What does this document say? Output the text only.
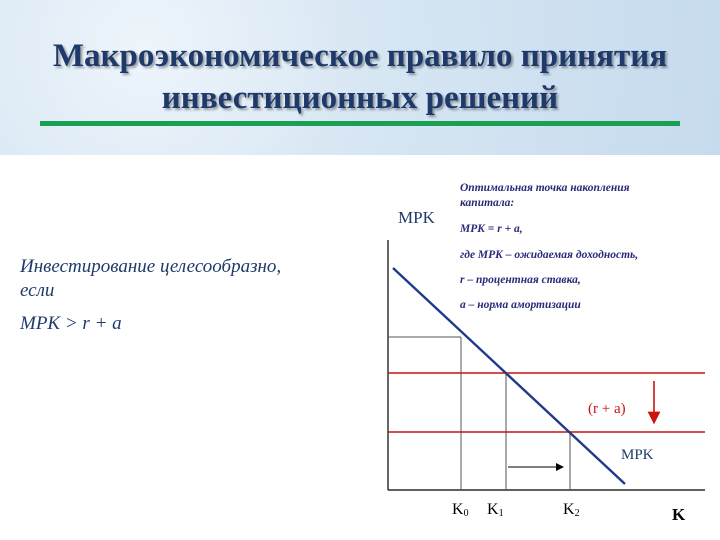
Макроэкономическое правило принятия
инвестиционных решений
Инвестирование целесообразно,
если
MPK > r + a
Оптимальная точка накопления
капитала:
MPK = r + a,
где MPK – ожидаемая доходность,
r – процентная ставка,
a – норма амортизации
MPK
(r + a)
MPK
K
K0 K1	K2
